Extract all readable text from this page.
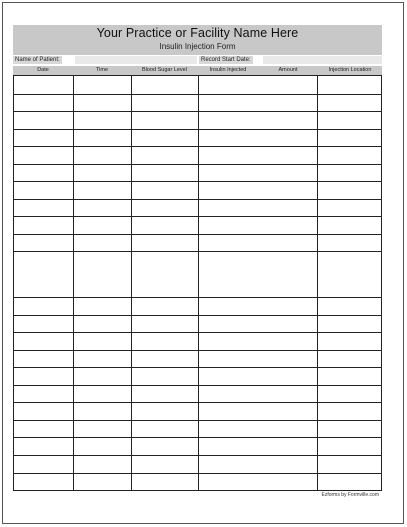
Your Practice or Facility Name Here
Insulin Injection Form
Name of Patient:	Record Start Date:
Date	Time	Blood Sugar Level	Insulin Injected	Amount	Injection Location
Ezforms by Formville.com
